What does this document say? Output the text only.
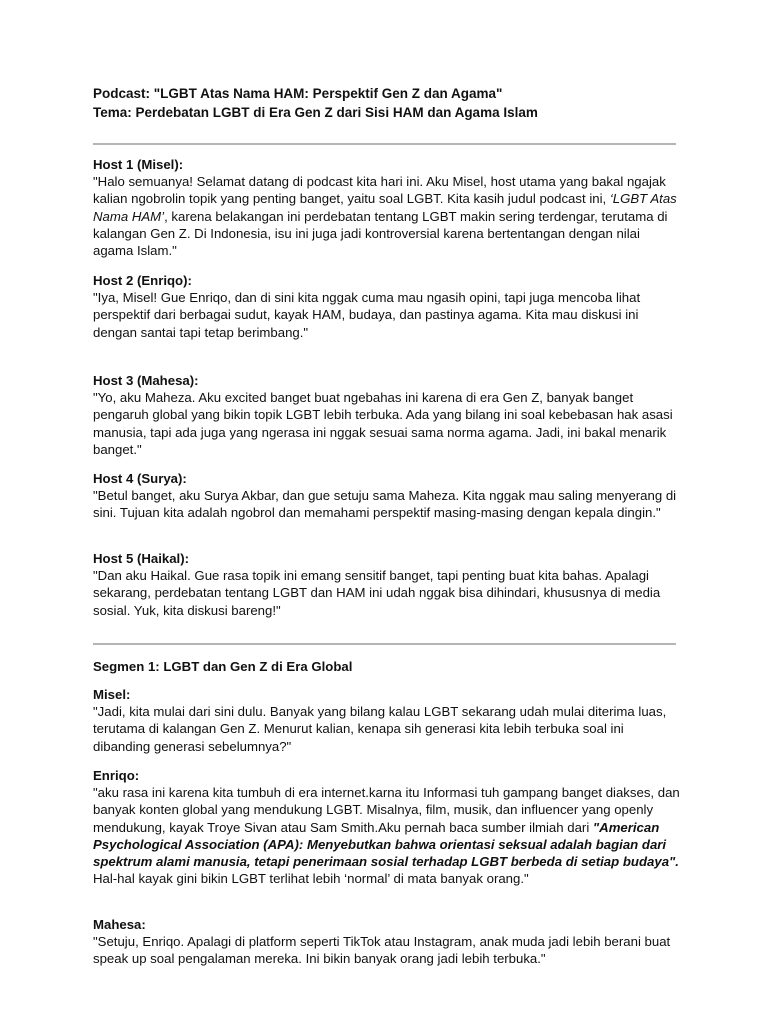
Podcast: "LGBT Atas Nama HAM: Perspektif Gen Z dan Agama"
Tema: Perdebatan LGBT di Era Gen Z dari Sisi HAM dan Agama Islam
Host 1 (Misel):

"Halo semuanya! Selamat datang di podcast kita hari ini. Aku Misel, host utama yang bakal ngajak kalian ngobrolin topik yang penting banget, yaitu soal LGBT. Kita kasih judul podcast ini, ‘LGBT Atas Nama HAM’, karena belakangan ini perdebatan tentang LGBT makin sering terdengar, terutama di kalangan Gen Z. Di Indonesia, isu ini juga jadi kontroversial karena bertentangan dengan nilai agama Islam."

Host 2 (Enriqo):

"Iya, Misel! Gue Enriqo, dan di sini kita nggak cuma mau ngasih opini, tapi juga mencoba lihat perspektif dari berbagai sudut, kayak HAM, budaya, dan pastinya agama. Kita mau diskusi ini dengan santai tapi tetap berimbang."

Host 3 (Mahesa):

"Yo, aku Maheza. Aku excited banget buat ngebahas ini karena di era Gen Z, banyak banget pengaruh global yang bikin topik LGBT lebih terbuka. Ada yang bilang ini soal kebebasan hak asasi manusia, tapi ada juga yang ngerasa ini nggak sesuai sama norma agama. Jadi, ini bakal menarik banget."

Host 4 (Surya):

"Betul banget, aku Surya Akbar, dan gue setuju sama Maheza. Kita nggak mau saling menyerang di sini. Tujuan kita adalah ngobrol dan memahami perspektif masing-masing dengan kepala dingin."

Host 5 (Haikal):

"Dan aku Haikal. Gue rasa topik ini emang sensitif banget, tapi penting buat kita bahas. Apalagi sekarang, perdebatan tentang LGBT dan HAM ini udah nggak bisa dihindari, khususnya di media sosial. Yuk, kita diskusi bareng!"

Segmen 1: LGBT dan Gen Z di Era Global
Misel:

"Jadi, kita mulai dari sini dulu. Banyak yang bilang kalau LGBT sekarang udah mulai diterima luas, terutama di kalangan Gen Z. Menurut kalian, kenapa sih generasi kita lebih terbuka soal ini dibanding generasi sebelumnya?"

Enriqo:

"aku rasa ini karena kita tumbuh di era internet.karna itu Informasi tuh gampang banget diakses, dan banyak konten global yang mendukung LGBT. Misalnya, film, musik, dan influencer yang openly mendukung, kayak Troye Sivan atau Sam Smith.Aku pernah baca sumber ilmiah dari "American Psychological Association (APA): Menyebutkan bahwa orientasi seksual adalah bagian dari spektrum alami manusia, tetapi penerimaan sosial terhadap LGBT berbeda di setiap budaya". Hal-hal kayak gini bikin LGBT terlihat lebih ‘normal’ di mata banyak orang."

Mahesa:

"Setuju, Enriqo. Apalagi di platform seperti TikTok atau Instagram, anak muda jadi lebih berani buat speak up soal pengalaman mereka. Ini bikin banyak orang jadi lebih terbuka."
